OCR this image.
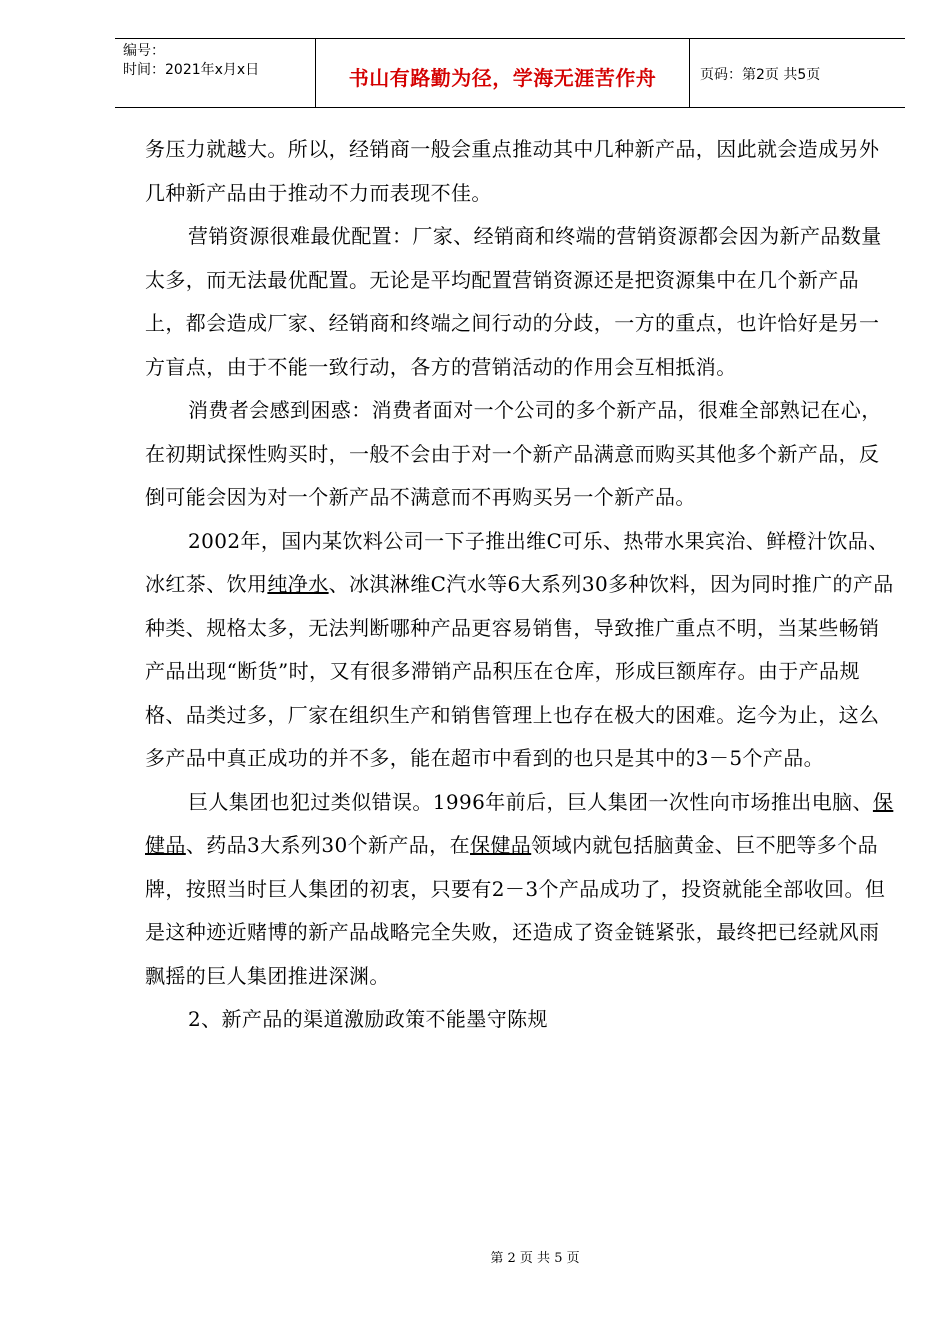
编号：
时间：2021年x月x日	书山有路勤为径，学海无涯苦作舟	页码：第2页 共5页

务压力就越大。所以，经销商一般会重点推动其中几种新产品，因此就会造成另外几种新产品由于推动不力而表现不佳。

营销资源很难最优配置：厂家、经销商和终端的营销资源都会因为新产品数量太多，而无法最优配置。无论是平均配置营销资源还是把资源集中在几个新产品上，都会造成厂家、经销商和终端之间行动的分歧，一方的重点，也许恰好是另一方盲点，由于不能一致行动，各方的营销活动的作用会互相抵消。

消费者会感到困惑：消费者面对一个公司的多个新产品，很难全部熟记在心，在初期试探性购买时，一般不会由于对一个新产品满意而购买其他多个新产品，反倒可能会因为对一个新产品不满意而不再购买另一个新产品。

2002年，国内某饮料公司一下子推出维C可乐、热带水果宾治、鲜橙汁饮品、冰红茶、饮用纯净水、冰淇淋维C汽水等6大系列30多种饮料，因为同时推广的产品种类、规格太多，无法判断哪种产品更容易销售，导致推广重点不明，当某些畅销产品出现“断货”时，又有很多滞销产品积压在仓库，形成巨额库存。由于产品规格、品类过多，厂家在组织生产和销售管理上也存在极大的困难。迄今为止，这么多产品中真正成功的并不多，能在超市中看到的也只是其中的3－5个产品。

巨人集团也犯过类似错误。1996年前后，巨人集团一次性向市场推出电脑、保健品、药品3大系列30个新产品，在保健品领域内就包括脑黄金、巨不肥等多个品牌，按照当时巨人集团的初衷，只要有2－3个产品成功了，投资就能全部收回。但是这种迹近赌博的新产品战略完全失败，还造成了资金链紧张，最终把已经就风雨飘摇的巨人集团推进深渊。

2、新产品的渠道激励政策不能墨守陈规

第 2 页 共 5 页
